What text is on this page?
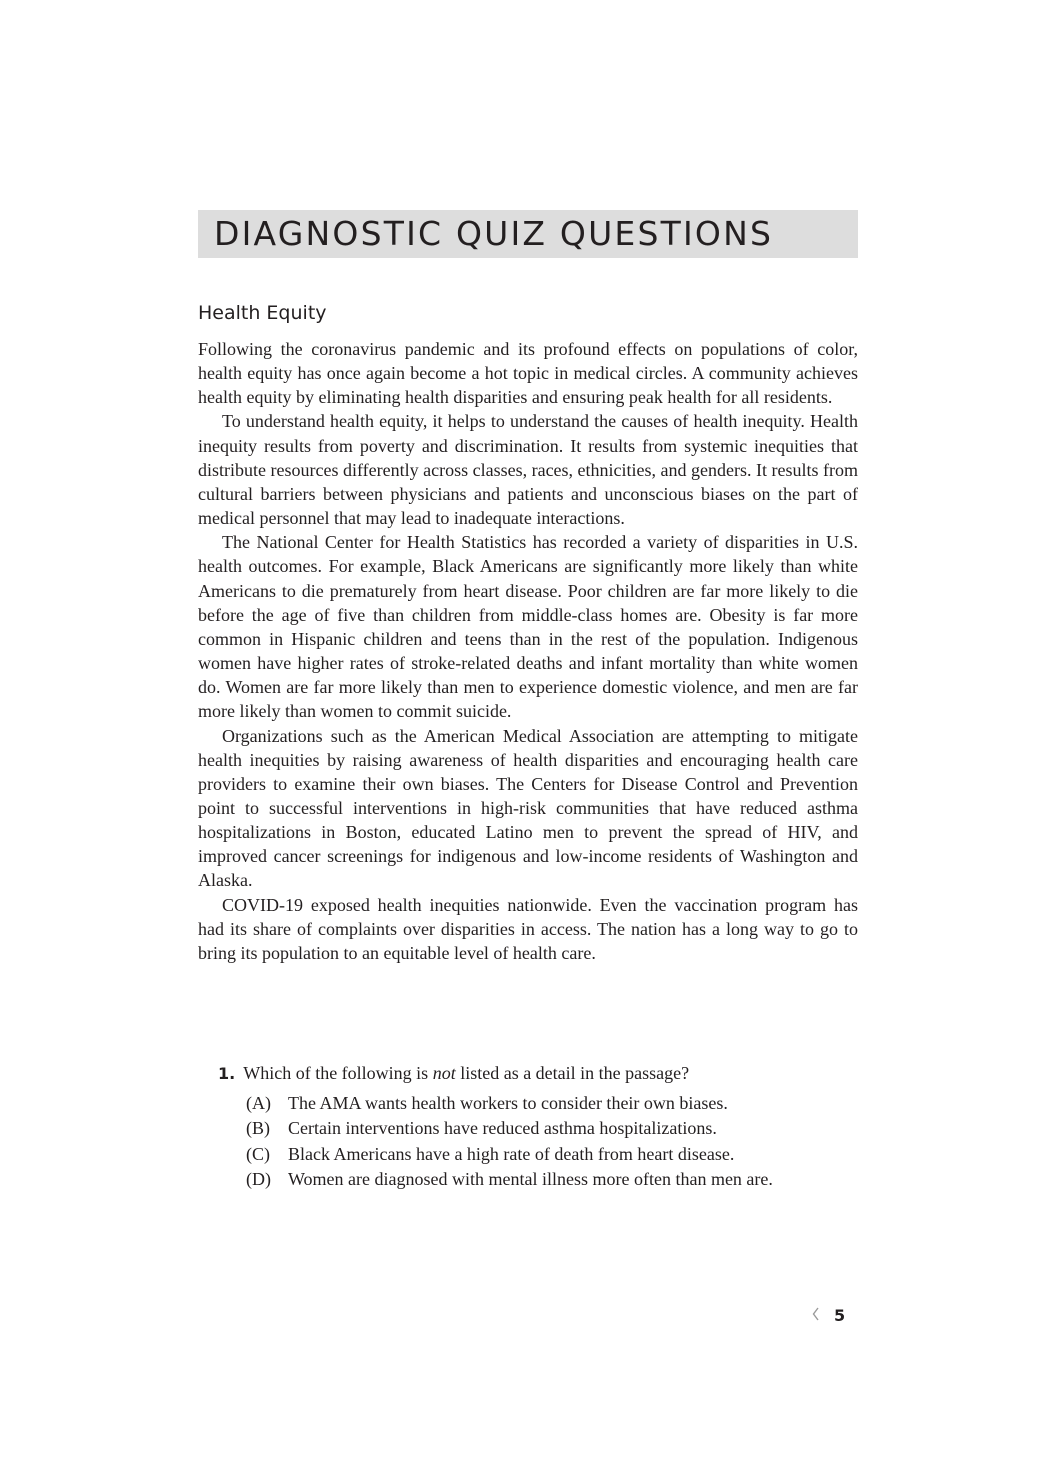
DIAGNOSTIC QUIZ QUESTIONS
Health Equity

Following the coronavirus pandemic and its profound effects on populations of color, health equity has once again become a hot topic in medical circles. A community achieves health equity by eliminating health disparities and ensuring peak health for all residents.

To understand health equity, it helps to understand the causes of health inequity. Health inequity results from poverty and discrimination. It results from systemic inequities that distribute resources differently across classes, races, ethnicities, and genders. It results from cultural barriers between physicians and patients and unconscious biases on the part of medical personnel that may lead to inadequate interactions.

The National Center for Health Statistics has recorded a variety of disparities in U.S. health outcomes. For example, Black Americans are significantly more likely than white Americans to die prematurely from heart disease. Poor children are far more likely to die before the age of five than children from middle-class homes are. Obesity is far more common in Hispanic children and teens than in the rest of the population. Indigenous women have higher rates of stroke-related deaths and infant mortality than white women do. Women are far more likely than men to experience domestic violence, and men are far more likely than women to commit suicide.

Organizations such as the American Medical Association are attempting to mitigate health inequities by raising awareness of health disparities and encouraging health care providers to examine their own biases. The Centers for Disease Control and Prevention point to successful interventions in high-risk communities that have reduced asthma hospitalizations in Boston, educated Latino men to prevent the spread of HIV, and improved cancer screenings for indigenous and low-income residents of Washington and Alaska.

COVID-19 exposed health inequities nationwide. Even the vaccination program has had its share of complaints over disparities in access. The nation has a long way to go to bring its population to an equitable level of health care.

1. Which of the following is not listed as a detail in the passage?
(A) The AMA wants health workers to consider their own biases.
(B)	Certain interventions have reduced asthma hospitalizations.
(C)	Black Americans have a high rate of death from heart disease.
(D) Women are diagnosed with mental illness more often than men are.
5
